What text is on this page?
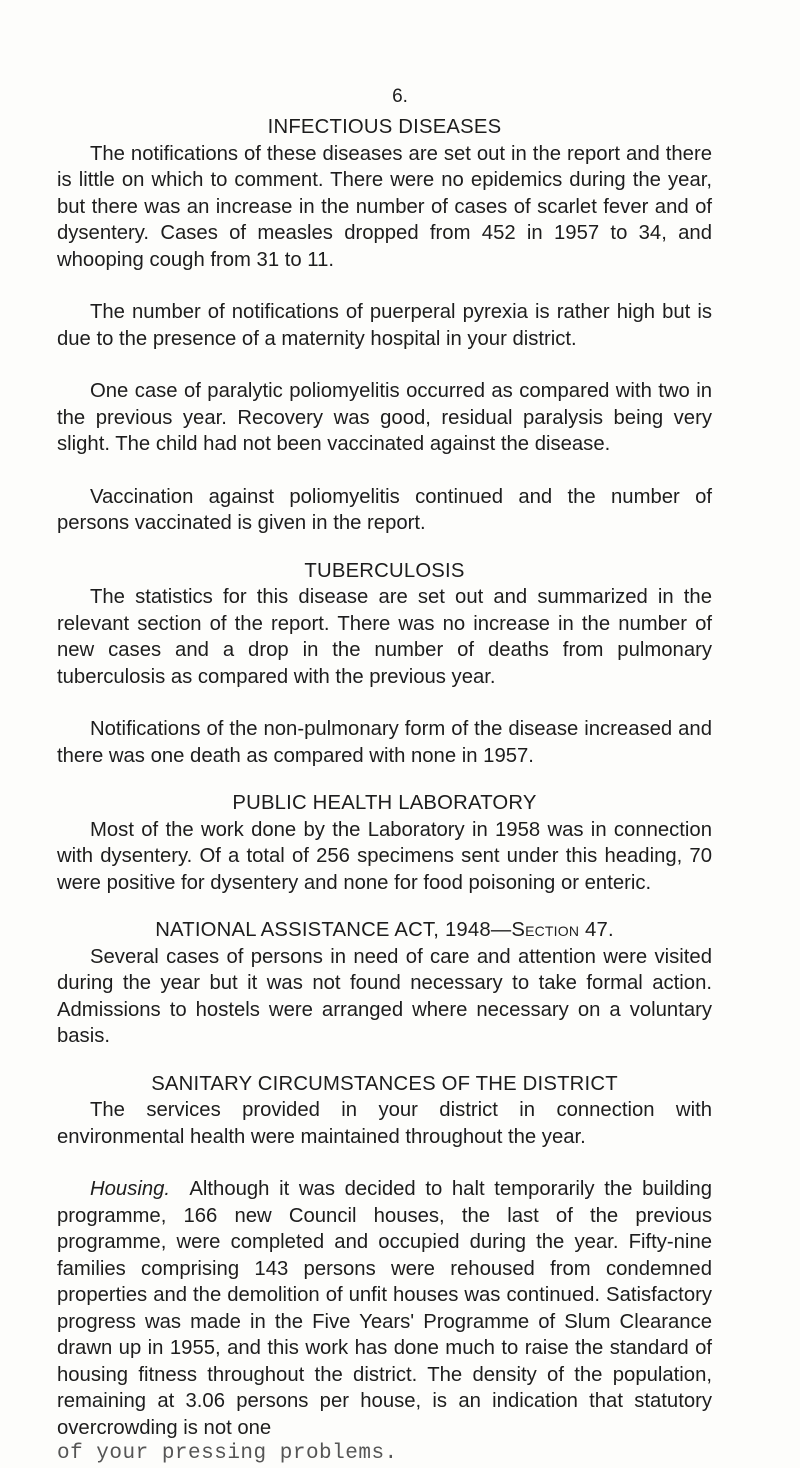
6.
INFECTIOUS DISEASES

The notifications of these diseases are set out in the report and there is little on which to comment. There were no epidemics during the year, but there was an increase in the number of cases of scarlet fever and of dysentery. Cases of measles dropped from 452 in 1957 to 34, and whooping cough from 31 to 11.

The number of notifications of puerperal pyrexia is rather high but is due to the presence of a maternity hospital in your district.

One case of paralytic poliomyelitis occurred as compared with two in the previous year. Recovery was good, residual paralysis being very slight. The child had not been vaccinated against the disease.

Vaccination against poliomyelitis continued and the number of persons vaccinated is given in the report.

TUBERCULOSIS

The statistics for this disease are set out and summarized in the relevant section of the report. There was no increase in the number of new cases and a drop in the number of deaths from pulmonary tuberculosis as compared with the previous year.

Notifications of the non-pulmonary form of the disease increased and there was one death as compared with none in 1957.

PUBLIC HEALTH LABORATORY

Most of the work done by the Laboratory in 1958 was in connection with dysentery. Of a total of 256 specimens sent under this heading, 70 were positive for dysentery and none for food poisoning or enteric.

NATIONAL ASSISTANCE ACT, 1948—Section 47.

Several cases of persons in need of care and attention were visited during the year but it was not found necessary to take formal action. Admissions to hostels were arranged where necessary on a voluntary basis.

SANITARY CIRCUMSTANCES OF THE DISTRICT

The services provided in your district in connection with environmental health were maintained throughout the year.

Housing. Although it was decided to halt temporarily the building programme, 166 new Council houses, the last of the previous programme, were completed and occupied during the year. Fifty-nine families comprising 143 persons were rehoused from condemned properties and the demolition of unfit houses was continued. Satisfactory progress was made in the Five Years' Programme of Slum Clearance drawn up in 1955, and this work has done much to raise the standard of housing fitness throughout the district. The density of the population, remaining at 3.06 persons per house, is an indication that statutory overcrowding is not one

of your pressing problems.
